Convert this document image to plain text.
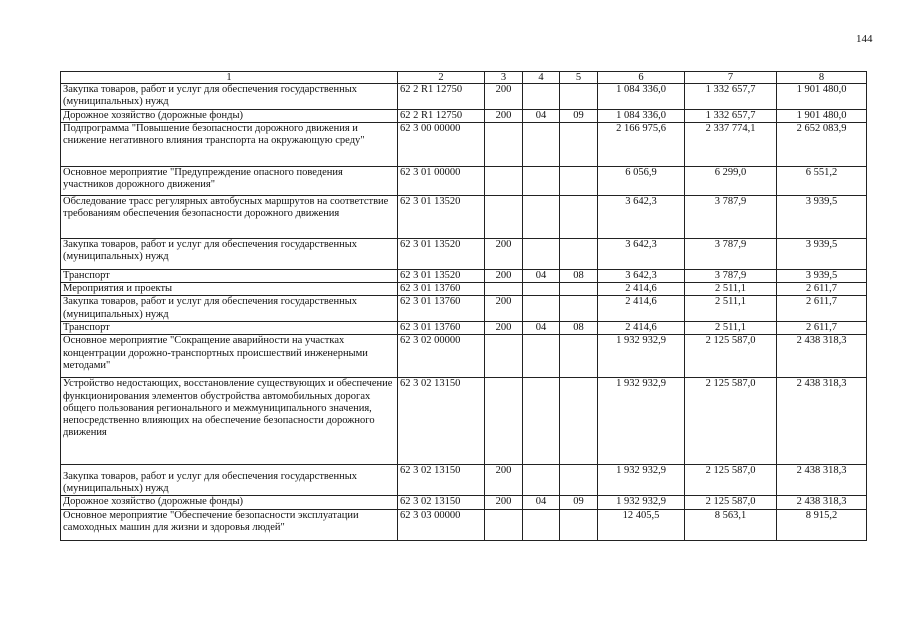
144
1	2	3	4	5	6	7	8
Закупка товаров, работ и услуг для обеспечения государственных (муниципальных) нужд	62 2 R1 12750	200			1 084 336,0	1 332 657,7	1 901 480,0
Дорожное хозяйство (дорожные фонды)	62 2 R1 12750	200	04	09	1 084 336,0	1 332 657,7	1 901 480,0
Подпрограмма "Повышение безопасности дорожного движения и снижение негативного влияния транспорта на окружающую среду"	62 3 00 00000				2 166 975,6	2 337 774,1	2 652 083,9
Основное мероприятие "Предупреждение опасного поведения участников дорожного движения"	62 3 01 00000				6 056,9	6 299,0	6 551,2
Обследование трасс регулярных автобусных маршрутов на соответствие требованиям обеспечения безопасности дорожного движения	62 3 01 13520				3 642,3	3 787,9	3 939,5
Закупка товаров, работ и услуг для обеспечения государственных (муниципальных) нужд	62 3 01 13520	200			3 642,3	3 787,9	3 939,5
Транспорт	62 3 01 13520	200	04	08	3 642,3	3 787,9	3 939,5
Мероприятия и проекты	62 3 01 13760				2 414,6	2 511,1	2 611,7
Закупка товаров, работ и услуг для обеспечения государственных (муниципальных) нужд	62 3 01 13760	200			2 414,6	2 511,1	2 611,7
Транспорт	62 3 01 13760	200	04	08	2 414,6	2 511,1	2 611,7
Основное мероприятие "Сокращение аварийности на участках концентрации дорожно-транспортных происшествий инженерными методами"	62 3 02 00000				1 932 932,9	2 125 587,0	2 438 318,3
Устройство недостающих, восстановление существующих и обеспечение функционирования элементов обустройства автомобильных дорогах общего пользования регионального и межмуниципального значения, непосредственно влияющих на обеспечение безопасности дорожного движения	62 3 02 13150				1 932 932,9	2 125 587,0	2 438 318,3
Закупка товаров, работ и услуг для обеспечения государственных (муниципальных) нужд	62 3 02 13150	200			1 932 932,9	2 125 587,0	2 438 318,3
Дорожное хозяйство (дорожные фонды)	62 3 02 13150	200	04	09	1 932 932,9	2 125 587,0	2 438 318,3
Основное мероприятие "Обеспечение безопасности эксплуатации самоходных машин для жизни и здоровья людей"	62 3 03 00000				12 405,5	8 563,1	8 915,2
